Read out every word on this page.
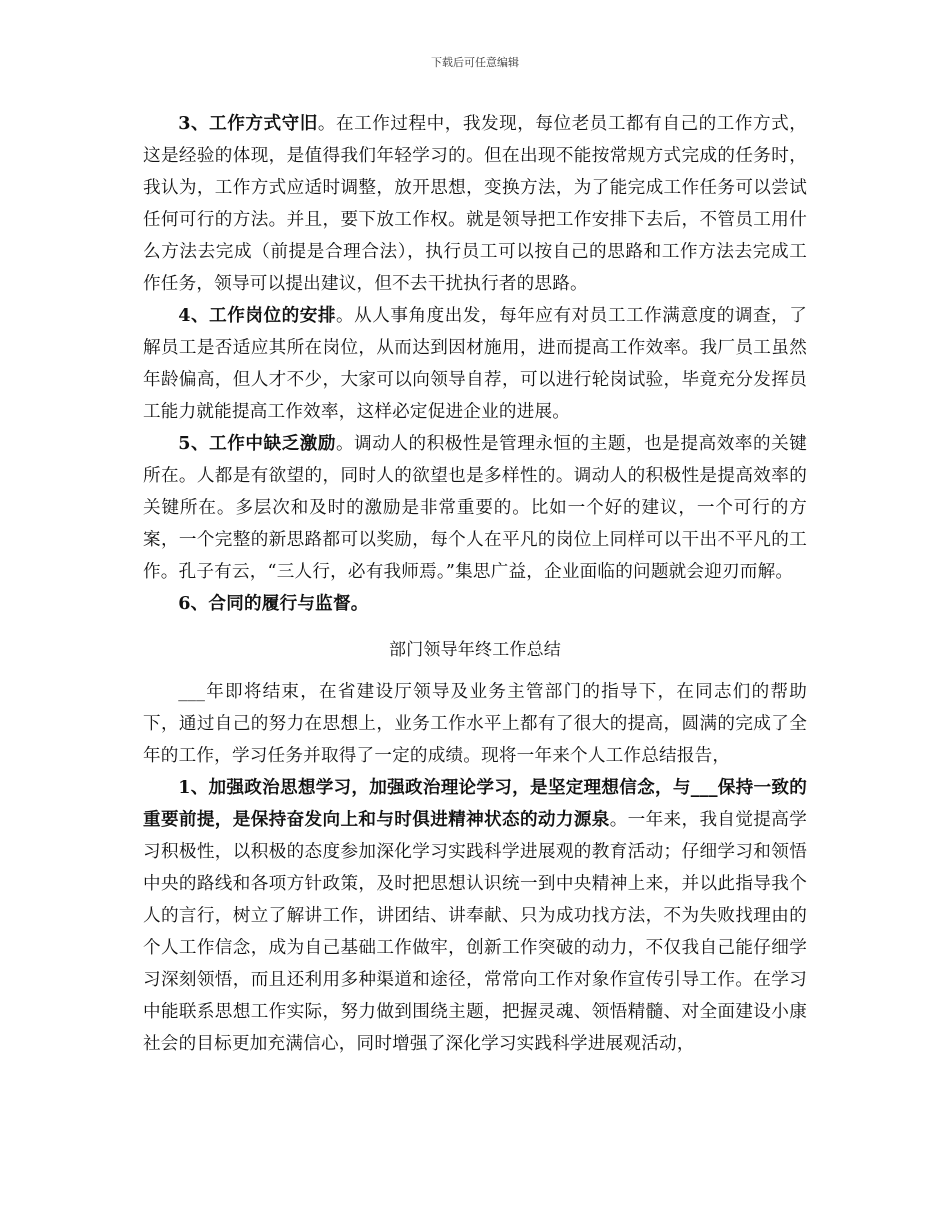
下载后可任意编辑

3、工作方式守旧。在工作过程中，我发现，每位老员工都有自己的工作方式，这是经验的体现，是值得我们年轻学习的。但在出现不能按常规方式完成的任务时，我认为，工作方式应适时调整，放开思想，变换方法，为了能完成工作任务可以尝试任何可行的方法。并且，要下放工作权。就是领导把工作安排下去后，不管员工用什么方法去完成（前提是合理合法），执行员工可以按自己的思路和工作方法去完成工作任务，领导可以提出建议，但不去干扰执行者的思路。

4、工作岗位的安排。从人事角度出发，每年应有对员工工作满意度的调查，了解员工是否适应其所在岗位，从而达到因材施用，进而提高工作效率。我厂员工虽然年龄偏高，但人才不少，大家可以向领导自荐，可以进行轮岗试验，毕竟充分发挥员工能力就能提高工作效率，这样必定促进企业的进展。

5、工作中缺乏激励。调动人的积极性是管理永恒的主题，也是提高效率的关键所在。人都是有欲望的，同时人的欲望也是多样性的。调动人的积极性是提高效率的关键所在。多层次和及时的激励是非常重要的。比如一个好的建议，一个可行的方案，一个完整的新思路都可以奖励，每个人在平凡的岗位上同样可以干出不平凡的工作。孔子有云，“三人行，必有我师焉。”集思广益，企业面临的问题就会迎刃而解。

6、合同的履行与监督。

部门领导年终工作总结

___年即将结束，在省建设厅领导及业务主管部门的指导下，在同志们的帮助下，通过自己的努力在思想上，业务工作水平上都有了很大的提高，圆满的完成了全年的工作，学习任务并取得了一定的成绩。现将一年来个人工作总结报告，

1、加强政治思想学习，加强政治理论学习，是坚定理想信念，与___保持一致的重要前提，是保持奋发向上和与时俱进精神状态的动力源泉。一年来，我自觉提高学习积极性，以积极的态度参加深化学习实践科学进展观的教育活动；仔细学习和领悟中央的路线和各项方针政策，及时把思想认识统一到中央精神上来，并以此指导我个人的言行，树立了解讲工作，讲团结、讲奉献、只为成功找方法，不为失败找理由的个人工作信念，成为自己基础工作做牢，创新工作突破的动力，不仅我自己能仔细学习深刻领悟，而且还利用多种渠道和途径，常常向工作对象作宣传引导工作。在学习中能联系思想工作实际，努力做到围绕主题，把握灵魂、领悟精髓、对全面建设小康社会的目标更加充满信心，同时增强了深化学习实践科学进展观活动，
